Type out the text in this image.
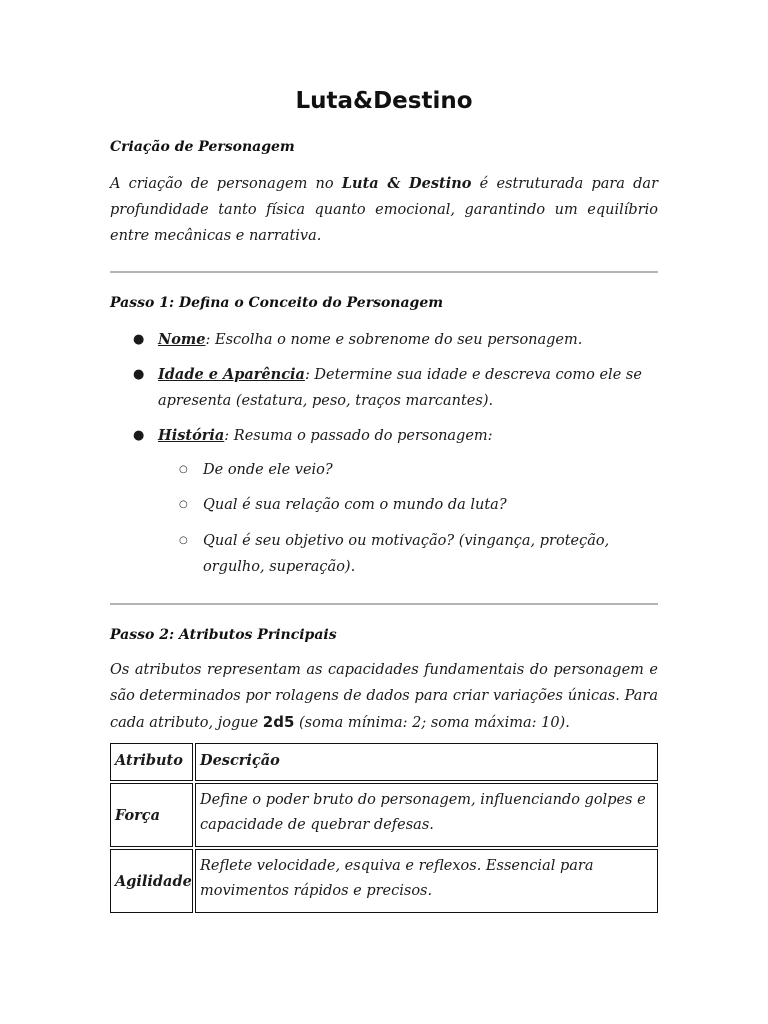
Luta&Destino

Criação de Personagem

A criação de personagem no Luta & Destino é estruturada para dar profundidade tanto física quanto emocional, garantindo um equilíbrio entre mecânicas e narrativa.

Passo 1: Defina o Conceito do Personagem

● Nome: Escolha o nome e sobrenome do seu personagem.

● Idade e Aparência: Determine sua idade e descreva como ele se apresenta (estatura, peso, traços marcantes).

● História: Resuma o passado do personagem:

○ De onde ele veio?

○ Qual é sua relação com o mundo da luta?

○ Qual é seu objetivo ou motivação? (vingança, proteção, orgulho, superação).

Passo 2: Atributos Principais

Os atributos representam as capacidades fundamentais do personagem e são determinados por rolagens de dados para criar variações únicas. Para cada atributo, jogue 2d5 (soma mínima: 2; soma máxima: 10).

Atributo	Descrição
Força
Define o poder bruto do personagem, influenciando golpes e capacidade de quebrar defesas.
Agilidade
Reflete velocidade, esquiva e reflexos. Essencial para movimentos rápidos e precisos.
